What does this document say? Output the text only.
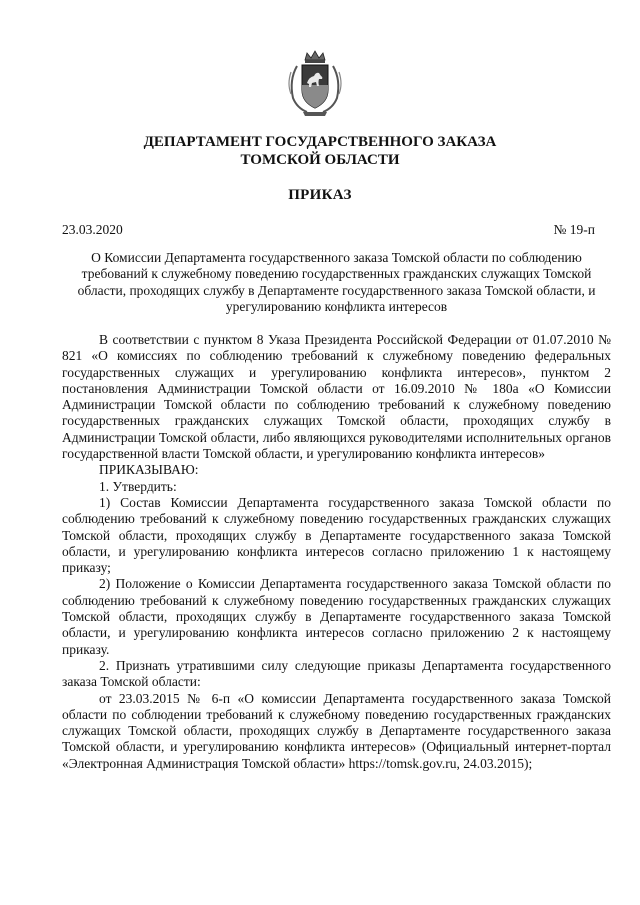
ДЕПАРТАМЕНТ ГОСУДАРСТВЕННОГО ЗАКАЗА
ТОМСКОЙ ОБЛАСТИ
ПРИКАЗ
23.03.2020	№ 19-п
О Комиссии Департамента государственного заказа Томской области по соблюдению требований к служебному поведению государственных гражданских служащих Томской области, проходящих службу в Департаменте государственного заказа Томской области, и урегулированию конфликта интересов

В соответствии с пунктом 8 Указа Президента Российской Федерации от 01.07.2010 № 821 «О комиссиях по соблюдению требований к служебному поведению федеральных государственных служащих и урегулированию конфликта интересов», пунктом 2 постановления Администрации Томской области от 16.09.2010 № 180а «О Комиссии Администрации Томской области по соблюдению требований к служебному поведению государственных гражданских служащих Томской области, проходящих службу в Администрации Томской области, либо являющихся руководителями исполнительных органов государственной власти Томской области, и урегулированию конфликта интересов»

ПРИКАЗЫВАЮ:

1. Утвердить:

1) Состав Комиссии Департамента государственного заказа Томской области по соблюдению требований к служебному поведению государственных гражданских служащих Томской области, проходящих службу в Департаменте государственного заказа Томской области, и урегулированию конфликта интересов согласно приложению 1 к настоящему приказу;

2) Положение о Комиссии Департамента государственного заказа Томской области по соблюдению требований к служебному поведению государственных гражданских служащих Томской области, проходящих службу в Департаменте государственного заказа Томской области, и урегулированию конфликта интересов согласно приложению 2 к настоящему приказу.

2. Признать утратившими силу следующие приказы Департамента государственного заказа Томской области:

от 23.03.2015 № 6-п «О комиссии Департамента государственного заказа Томской области по соблюдении требований к служебному поведению государственных гражданских служащих Томской области, проходящих службу в Департаменте государственного заказа Томской области, и урегулированию конфликта интересов» (Официальный интернет-портал «Электронная Администрация Томской области» https://tomsk.gov.ru, 24.03.2015);
